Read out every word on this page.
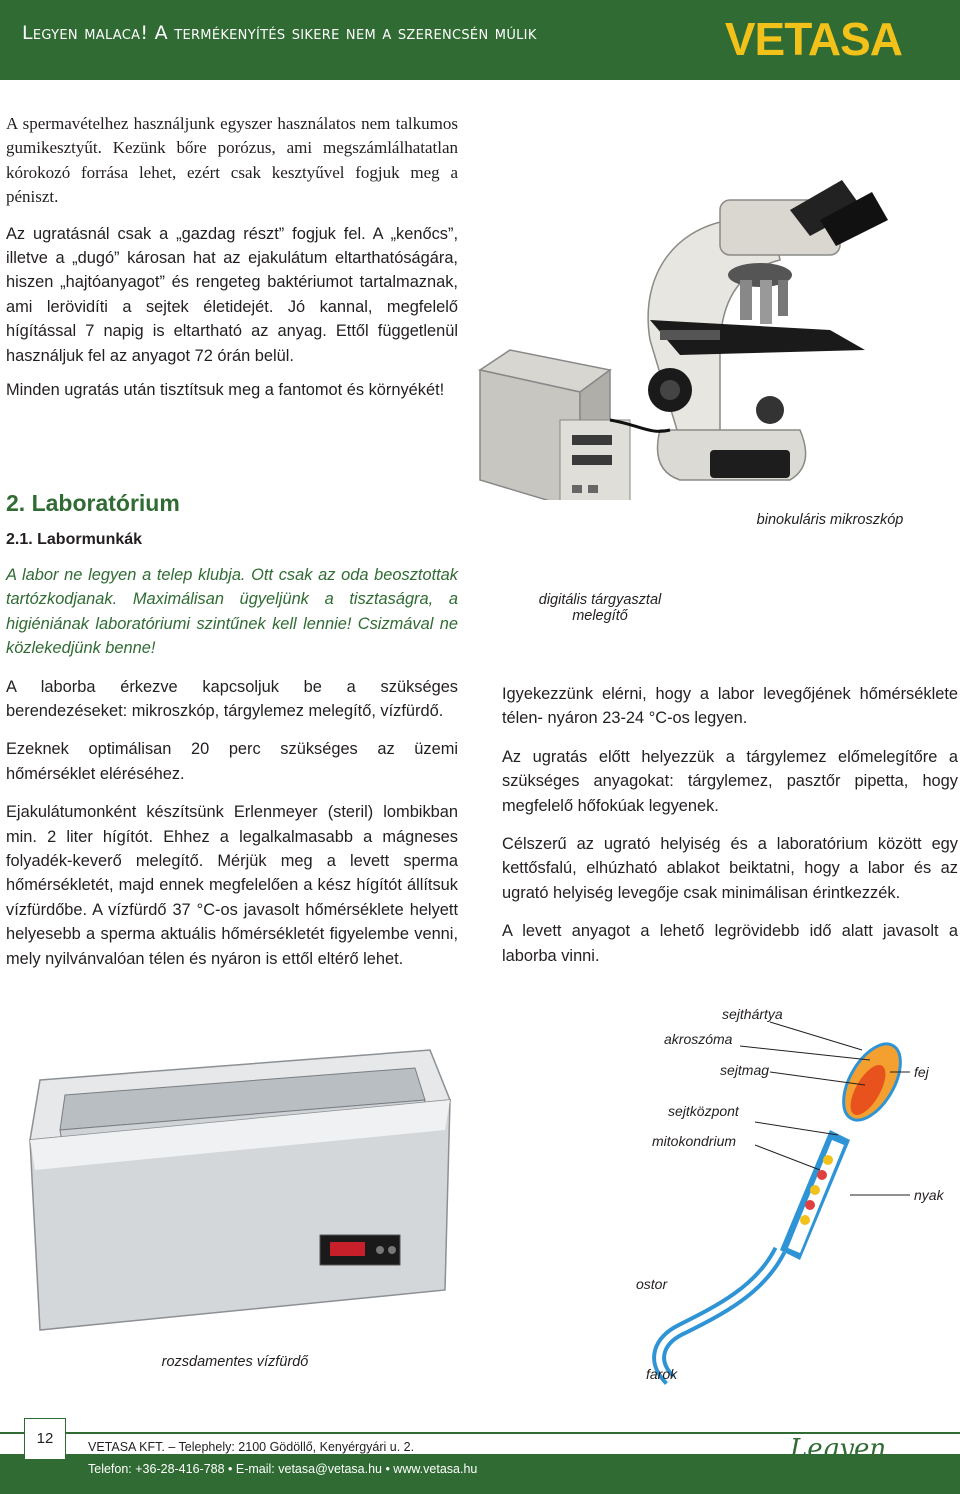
Legyen malaca! A termékenyítés sikere nem a szerencsén múlik	VETASA

A spermavételhez használjunk egyszer használatos nem talkumos gumikesztyűt. Kezünk bőre porózus, ami megszámlálhatatlan kórokozó forrása lehet, ezért csak kesztyűvel fogjuk meg a péniszt.

Az ugratásnál csak a „gazdag részt” fogjuk fel. A „kenőcs”, illetve a „dugó” károsan hat az ejakulátum eltarthatóságára, hiszen „hajtóanyagot” és rengeteg baktériumot tartalmaznak, ami lerövidíti a sejtek életidejét. Jó kannal, megfelelő hígítással 7 napig is eltartható az anyag. Ettől függetlenül használjuk fel az anyagot 72 órán belül.

Minden ugratás után tisztítsuk meg a fantomot és környékét!

2. Laboratórium
2.1. Labormunkák

A labor ne legyen a telep klubja. Ott csak az oda beosztottak tartózkodjanak. Maximálisan ügyeljünk a tisztaságra, a higiéniának laboratóriumi szintűnek kell lennie! Csizmával ne közlekedjünk benne!

A laborba érkezve kapcsoljuk be a szükséges berendezéseket: mikroszkóp, tárgylemez melegítő, vízfürdő.

Ezeknek optimálisan 20 perc szükséges az üzemi hőmérséklet eléréséhez.

Ejakulátumonként készítsünk Erlenmeyer (steril) lombikban min. 2 liter hígítót. Ehhez a legalkalmasabb a mágneses folyadék-keverő melegítő. Mérjük meg a levett sperma hőmérsékletét, majd ennek megfelelően a kész hígítót állítsuk vízfürdőbe. A vízfürdő 37 °C-os javasolt hőmérséklete helyett helyesebb a sperma aktuális hőmérsékletét figyelembe venni, mely nyilvánvalóan télen és nyáron is ettől eltérő lehet.

Igyekezzünk elérni, hogy a labor levegőjének hőmérséklete télen- nyáron 23-24 °C-os legyen.

Az ugratás előtt helyezzük a tárgylemez előmelegítőre a szükséges anyagokat: tárgylemez, pasztőr pipetta, hogy megfelelő hőfokúak legyenek.

Célszerű az ugrató helyiség és a laboratórium között egy kettősfalú, elhúzható ablakot beiktatni, hogy a labor és az ugrató helyiség levegője csak minimálisan érintkezzék.

A levett anyagot a lehető legrövidebb idő alatt javasolt a laborba vinni.

binokuláris mikroszkóp
digitális tárgyasztal
melegítő
rozsdamentes vízfürdő
sejthártya
akroszóma
sejtmag	fej
sejtközpont
mitokondrium
nyak
ostor
farok
12	VETASA KFT. – Telephely: 2100 Gödöllő, Kenyérgyári u. 2.
Telefon: +36-28-416-788 • E-mail: vetasa@vetasa.hu • www.vetasa.hu
Legyen malaca!
